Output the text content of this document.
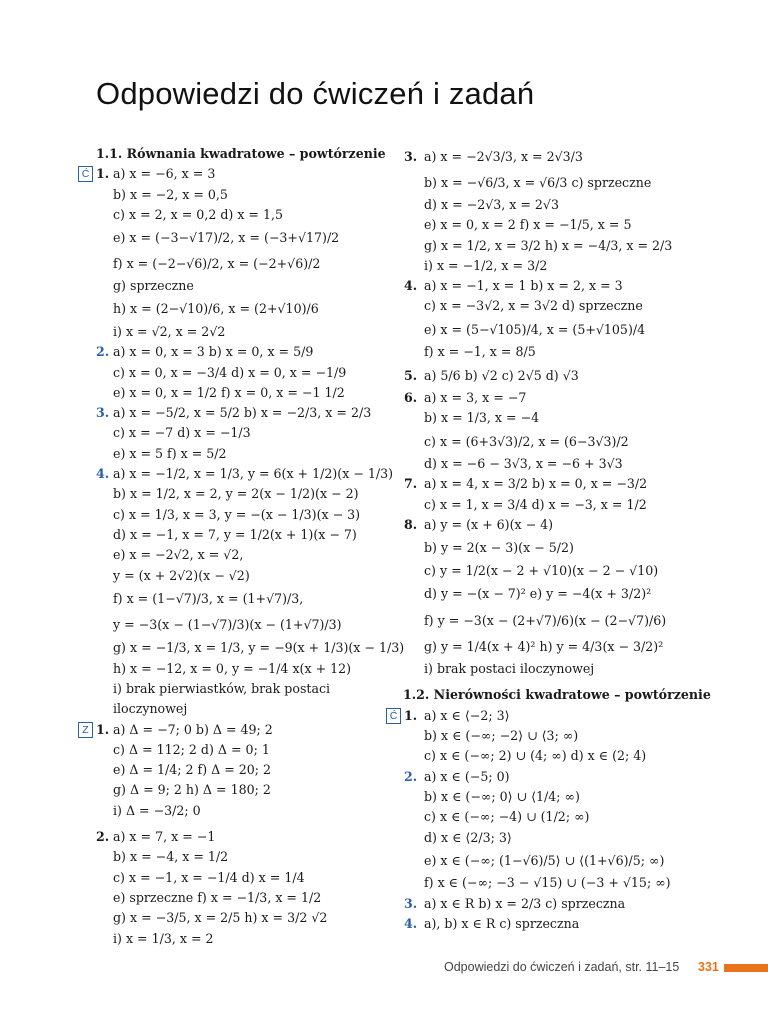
Odpowiedzi do ćwiczeń i zadań
1.1. Równania kwadratowe – powtórzenie
Ć 1. a) x = −6, x = 3
b) x = −2, x = 0,5
c) x = 2, x = 0,2 d) x = 1,5
e) x = (−3−√17)/2, x = (−3+√17)/2
f) x = (−2−√6)/2, x = (−2+√6)/2
g) sprzeczne
h) x = (2−√10)/6, x = (2+√10)/6
i) x = √2, x = 2√2
2. a) x = 0, x = 3 b) x = 0, x = 5/9
c) x = 0, x = −3/4 d) x = 0, x = −1/9
e) x = 0, x = 1/2 f) x = 0, x = −1 1/2
3. a) x = −5/2, x = 5/2 b) x = −2/3, x = 2/3
c) x = −7 d) x = −1/3
e) x = 5 f) x = 5/2
4. a) x = −1/2, x = 1/3, y = 6(x + 1/2)(x − 1/3)
b) x = 1/2, x = 2, y = 2(x − 1/2)(x − 2)
c) x = 1/3, x = 3, y = −(x − 1/3)(x − 3)
d) x = −1, x = 7, y = 1/2(x + 1)(x − 7)
e) x = −2√2, x = √2,
y = (x + 2√2)(x − √2)
f) x = (1−√7)/3, x = (1+√7)/3,
y = −3(x − (1−√7)/3)(x − (1+√7)/3)
g) x = −1/3, x = 1/3, y = −9(x + 1/3)(x − 1/3)
h) x = −12, x = 0, y = −1/4 x(x + 12)
i) brak pierwiastków, brak postaci
iloczynowej
Z 1. a) Δ = −7; 0 b) Δ = 49; 2
c) Δ = 112; 2 d) Δ = 0; 1
e) Δ = 1/4; 2 f) Δ = 20; 2
g) Δ = 9; 2 h) Δ = 180; 2
i) Δ = −3/2; 0
2. a) x = 7, x = −1
b) x = −4, x = 1/2
c) x = −1, x = −1/4 d) x = 1/4
e) sprzeczne f) x = −1/3, x = 1/2
g) x = −3/5, x = 2/5 h) x = 3/2 √2
i) x = 1/3, x = 2
3. a) x = −2√3/3, x = 2√3/3
b) x = −√6/3, x = √6/3 c) sprzeczne
d) x = −2√3, x = 2√3
e) x = 0, x = 2 f) x = −1/5, x = 5
g) x = 1/2, x = 3/2 h) x = −4/3, x = 2/3
i) x = −1/2, x = 3/2
4. a) x = −1, x = 1 b) x = 2, x = 3
c) x = −3√2, x = 3√2 d) sprzeczne
e) x = (5−√105)/4, x = (5+√105)/4
f) x = −1, x = 8/5
5. a) 5/6 b) √2 c) 2√5 d) √3
6. a) x = 3, x = −7
b) x = 1/3, x = −4
c) x = (6+3√3)/2, x = (6−3√3)/2
d) x = −6 − 3√3, x = −6 + 3√3
7. a) x = 4, x = 3/2 b) x = 0, x = −3/2
c) x = 1, x = 3/4 d) x = −3, x = 1/2
8. a) y = (x + 6)(x − 4)
b) y = 2(x − 3)(x − 5/2)
c) y = 1/2(x − 2 + √10)(x − 2 − √10)
d) y = −(x − 7)² e) y = −4(x + 3/2)²
f) y = −3(x − (2+√7)/6)(x − (2−√7)/6)
g) y = 1/4(x + 4)² h) y = 4/3(x − 3/2)²
i) brak postaci iloczynowej
1.2. Nierówności kwadratowe – powtórzenie
Ć 1. a) x ∈ ⟨−2; 3⟩
b) x ∈ (−∞; −2⟩ ∪ ⟨3; ∞)
c) x ∈ (−∞; 2) ∪ (4; ∞) d) x ∈ (2; 4)
2. a) x ∈ (−5; 0)
b) x ∈ (−∞; 0⟩ ∪ ⟨1/4; ∞)
c) x ∈ (−∞; −4) ∪ (1/2; ∞)
d) x ∈ ⟨2/3; 3⟩
e) x ∈ (−∞; (1−√6)/5⟩ ∪ ⟨(1+√6)/5; ∞)
f) x ∈ (−∞; −3 − √15) ∪ (−3 + √15; ∞)
3. a) x ∈ R b) x = 2/3 c) sprzeczna
4. a), b) x ∈ R c) sprzeczna
Odpowiedzi do ćwiczeń i zadań, str. 11–15 331
